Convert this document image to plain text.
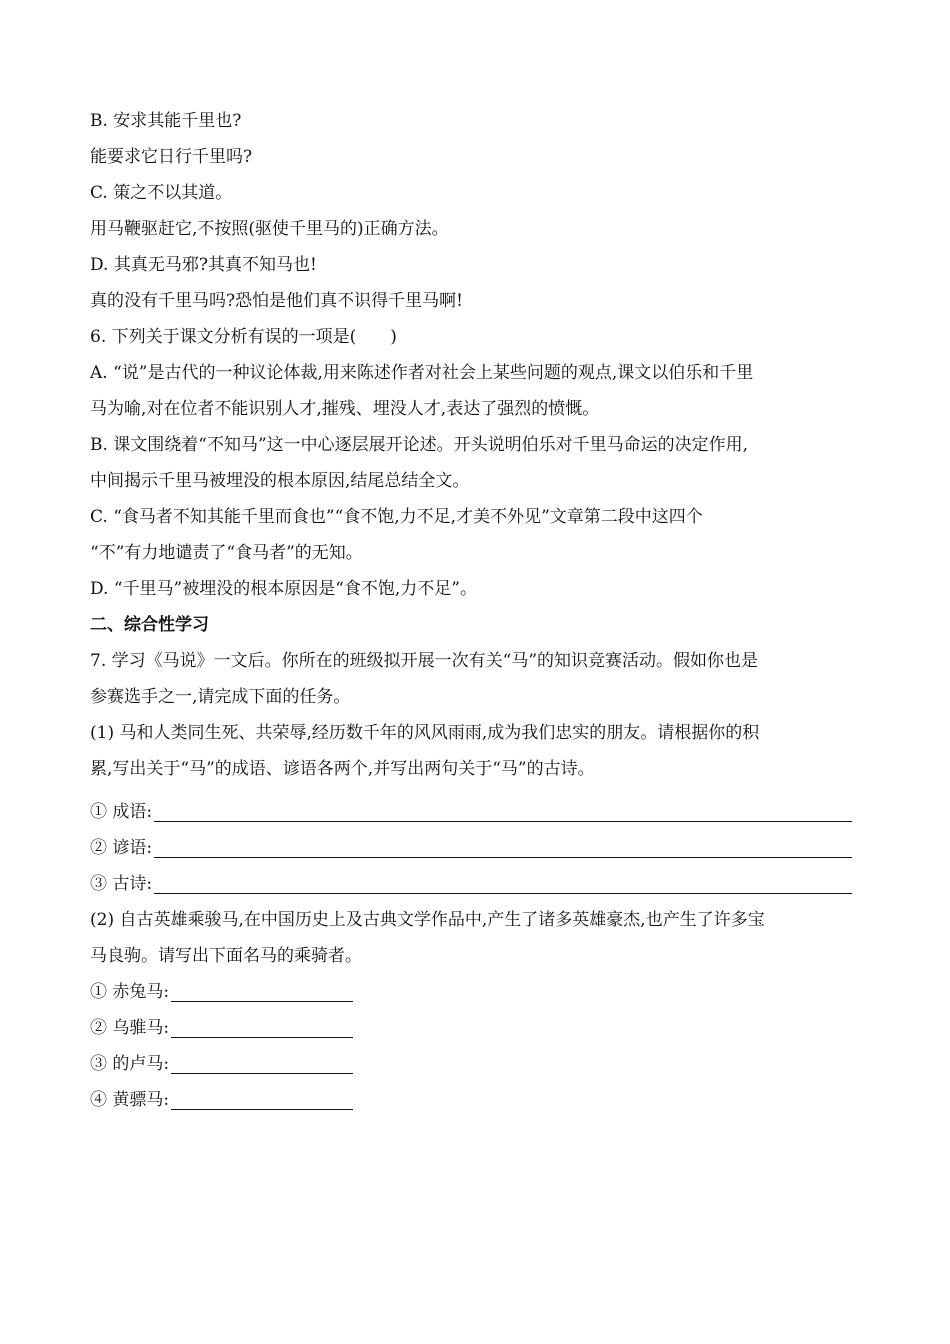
B. 安求其能千里也?
能要求它日行千里吗?
C. 策之不以其道。
用马鞭驱赶它,不按照(驱使千里马的)正确方法。
D. 其真无马邪?其真不知马也!
真的没有千里马吗?恐怕是他们真不识得千里马啊!
6. 下列关于课文分析有误的一项是(　　)
A. “说”是古代的一种议论体裁,用来陈述作者对社会上某些问题的观点,课文以伯乐和千里
马为喻,对在位者不能识别人才,摧残、埋没人才,表达了强烈的愤慨。
B. 课文围绕着“不知马”这一中心逐层展开论述。开头说明伯乐对千里马命运的决定作用,
中间揭示千里马被埋没的根本原因,结尾总结全文。
C. “食马者不知其能千里而食也”“食不饱,力不足,才美不外见”文章第二段中这四个
“不”有力地谴责了“食马者”的无知。
D. “千里马”被埋没的根本原因是“食不饱,力不足”。
二、综合性学习
7. 学习《马说》一文后。你所在的班级拟开展一次有关“马”的知识竞赛活动。假如你也是
参赛选手之一,请完成下面的任务。
(1) 马和人类同生死、共荣辱,经历数千年的风风雨雨,成为我们忠实的朋友。请根据你的积
累,写出关于“马”的成语、谚语各两个,并写出两句关于“马”的古诗。
① 成语:
② 谚语:
③ 古诗:
(2) 自古英雄乘骏马,在中国历史上及古典文学作品中,产生了诸多英雄豪杰,也产生了许多宝
马良驹。请写出下面名马的乘骑者。
① 赤兔马:
② 乌骓马:
③ 的卢马:
④ 黄骠马:
